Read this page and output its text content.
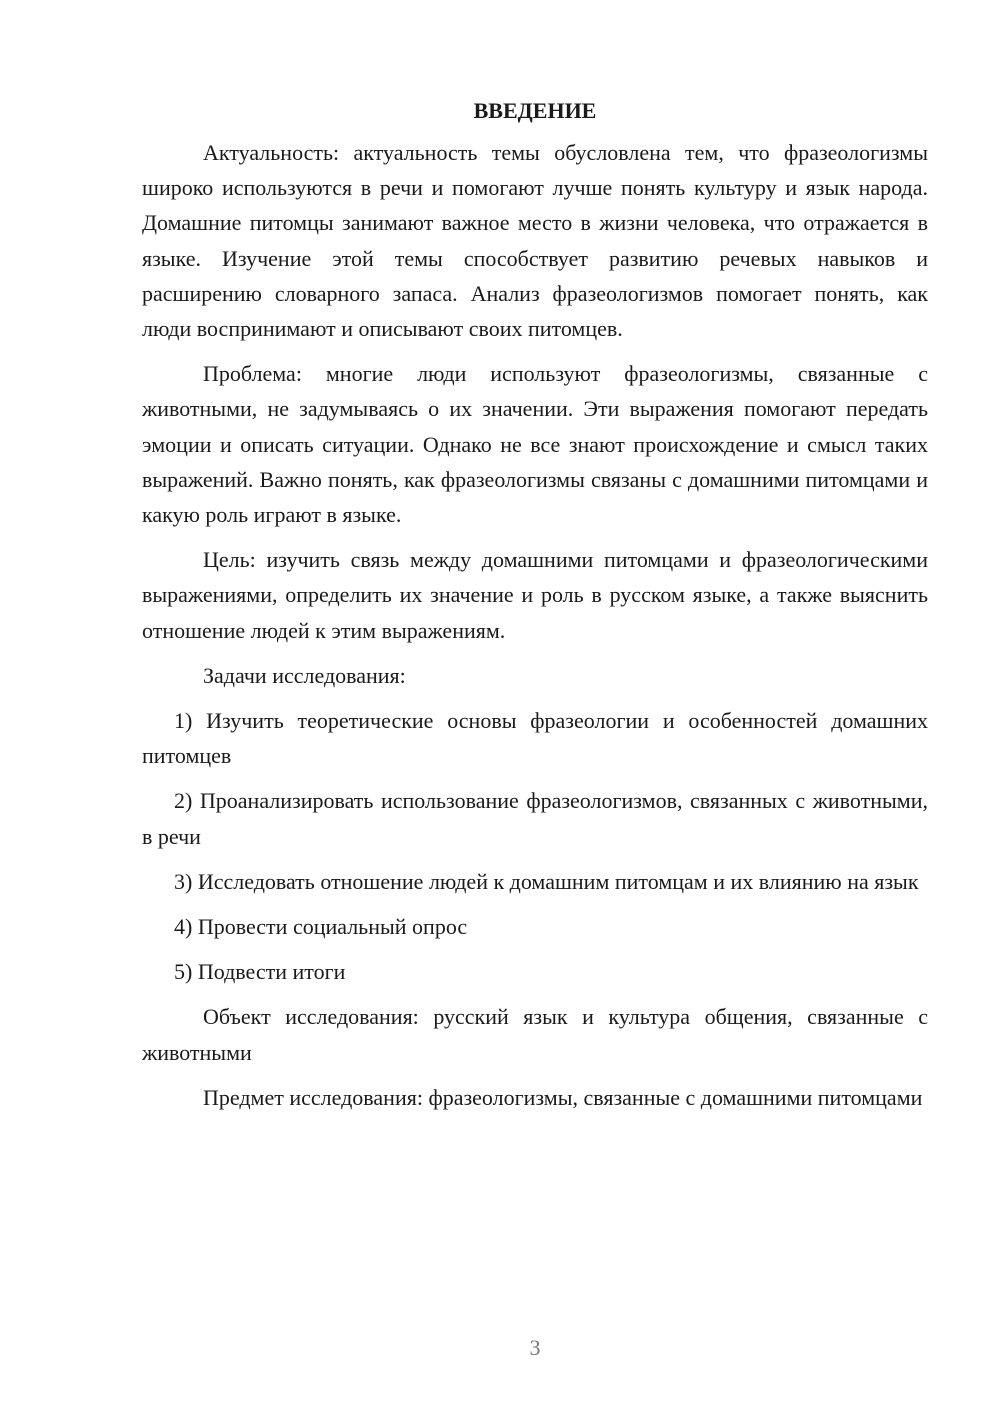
ВВЕДЕНИЕ

Актуальность: актуальность темы обусловлена тем, что фразеологизмы широко используются в речи и помогают лучше понять культуру и язык народа. Домашние питомцы занимают важное место в жизни человека, что отражается в языке. Изучение этой темы способствует развитию речевых навыков и расширению словарного запаса. Анализ фразеологизмов помогает понять, как люди воспринимают и описывают своих питомцев.

Проблема: многие люди используют фразеологизмы, связанные с животными, не задумываясь о их значении. Эти выражения помогают передать эмоции и описать ситуации. Однако не все знают происхождение и смысл таких выражений. Важно понять, как фразеологизмы связаны с домашними питомцами и какую роль играют в языке.

Цель: изучить связь между домашними питомцами и фразеологическими выражениями, определить их значение и роль в русском языке, а также выяснить отношение людей к этим выражениям.

Задачи исследования:

1) Изучить теоретические основы фразеологии и особенностей домашних питомцев
2) Проанализировать использование фразеологизмов, связанных с животными, в речи
3) Исследовать отношение людей к домашним питомцам и их влиянию на язык
4) Провести социальный опрос
5) Подвести итоги

Объект исследования: русский язык и культура общения, связанные с животными

Предмет исследования: фразеологизмы, связанные с домашними питомцами

3
